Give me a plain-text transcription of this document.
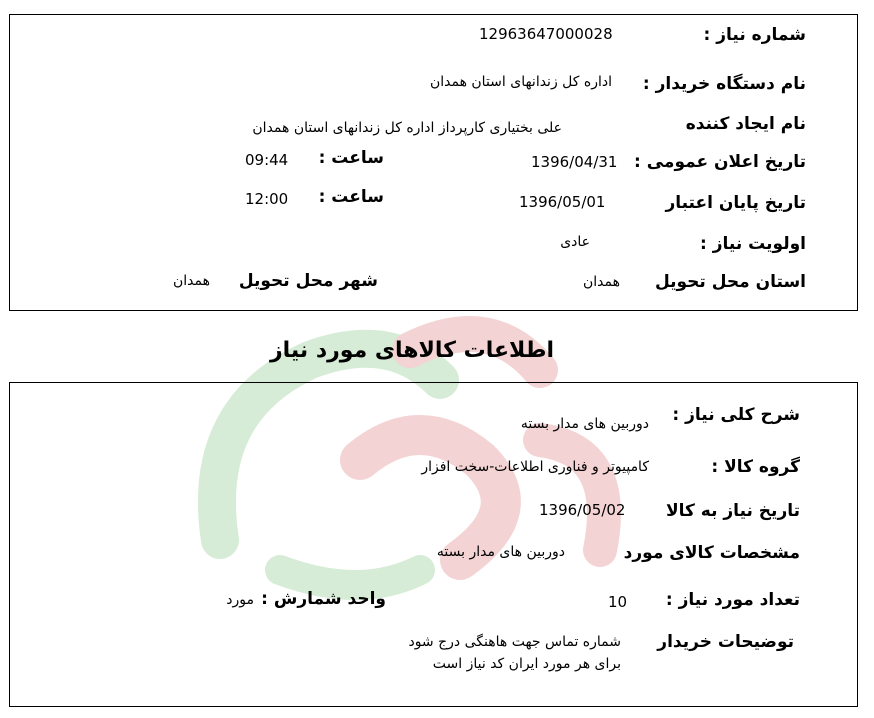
شماره نیاز :
12963647000028
نام دستگاه خریدار :
اداره کل زندانهای استان همدان
نام ایجاد کننده
علی بختیاری کارپرداز اداره کل زندانهای استان همدان
تاریخ اعلان عمومی :
1396/04/31
ساعت :
09:44
تاریخ پایان اعتبار
1396/05/01
ساعت :
12:00
اولویت نیاز :
عادی
استان محل تحویل
همدان
شهر محل تحویل
همدان
اطلاعات کالاهای مورد نیاز
شرح کلی نیاز :
دوربین های مدار بسته
گروه کالا :
کامپیوتر و فناوری اطلاعات-سخت افزار
تاریخ نیاز به کالا
1396/05/02
مشخصات کالای مورد
دوربین های مدار بسته
تعداد مورد نیاز :
10
واحد شمارش :
مورد
توضیحات خریدار
شماره تماس جهت هاهنگی درج شود
برای هر مورد ایران کد نیاز است
